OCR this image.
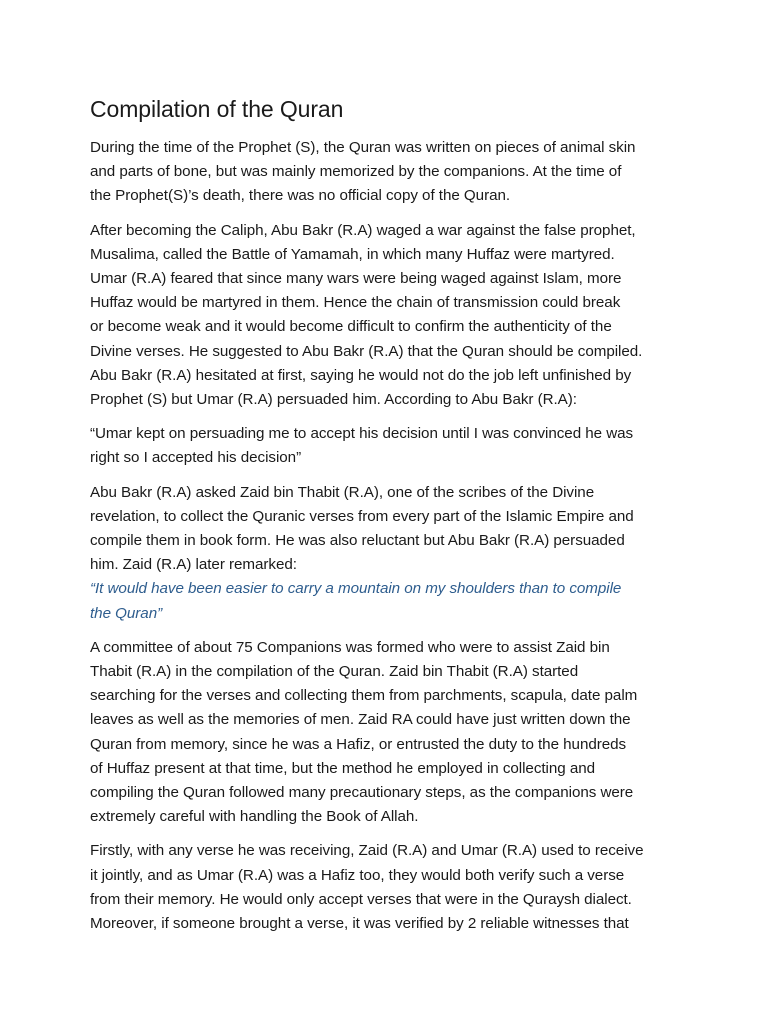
Compilation of the Quran

During the time of the Prophet (S), the Quran was written on pieces of animal skin
and parts of bone, but was mainly memorized by the companions. At the time of
the Prophet(S)’s death, there was no official copy of the Quran.

After becoming the Caliph, Abu Bakr (R.A) waged a war against the false prophet,
Musalima, called the Battle of Yamamah, in which many Huffaz were martyred.
Umar (R.A) feared that since many wars were being waged against Islam, more
Huffaz would be martyred in them. Hence the chain of transmission could break
or become weak and it would become difficult to confirm the authenticity of the
Divine verses. He suggested to Abu Bakr (R.A) that the Quran should be compiled.
Abu Bakr (R.A) hesitated at first, saying he would not do the job left unfinished by
Prophet (S) but Umar (R.A) persuaded him. According to Abu Bakr (R.A):

“Umar kept on persuading me to accept his decision until I was convinced he was
right so I accepted his decision”

Abu Bakr (R.A) asked Zaid bin Thabit (R.A), one of the scribes of the Divine
revelation, to collect the Quranic verses from every part of the Islamic Empire and
compile them in book form. He was also reluctant but Abu Bakr (R.A) persuaded
him. Zaid (R.A) later remarked:

“It would have been easier to carry a mountain on my shoulders than to compile
the Quran”

A committee of about 75 Companions was formed who were to assist Zaid bin
Thabit (R.A) in the compilation of the Quran. Zaid bin Thabit (R.A) started
searching for the verses and collecting them from parchments, scapula, date palm
leaves as well as the memories of men. Zaid RA could have just written down the
Quran from memory, since he was a Hafiz, or entrusted the duty to the hundreds
of Huffaz present at that time, but the method he employed in collecting and
compiling the Quran followed many precautionary steps, as the companions were
extremely careful with handling the Book of Allah.

Firstly, with any verse he was receiving, Zaid (R.A) and Umar (R.A) used to receive
it jointly, and as Umar (R.A) was a Hafiz too, they would both verify such a verse
from their memory. He would only accept verses that were in the Quraysh dialect.
Moreover, if someone brought a verse, it was verified by 2 reliable witnesses that
